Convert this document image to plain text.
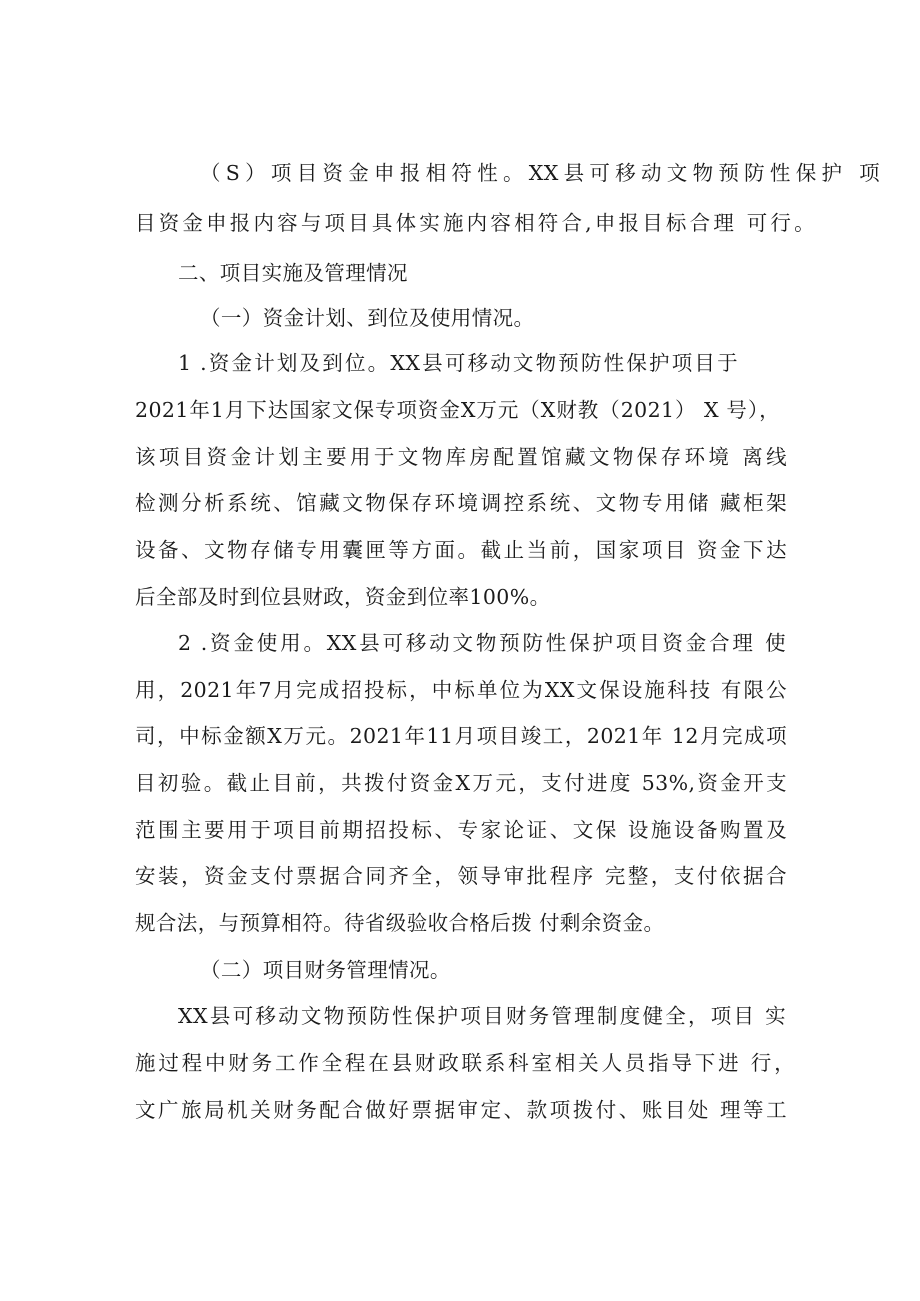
（S）项目资金申报相符性。XX县可移动文物预防性保护 项
目资金申报内容与项目具体实施内容相符合,申报目标合理 可行。
二、项目实施及管理情况
（一）资金计划、到位及使用情况。
1 .资金计划及到位。XX县可移动文物预防性保护项目于
2021年1月下达国家文保专项资金X万元（X财教（2021） X 号），
该项目资金计划主要用于文物库房配置馆藏文物保存环境 离线
检测分析系统、馆藏文物保存环境调控系统、文物专用储 藏柜架
设备、文物存储专用囊匣等方面。截止当前，国家项目 资金下达
后全部及时到位县财政，资金到位率100%。
2 .资金使用。XX县可移动文物预防性保护项目资金合理 使
用，2021年7月完成招投标，中标单位为XX文保设施科技 有限公
司，中标金额X万元。2021年11月项目竣工，2021年 12月完成项
目初验。截止目前，共拨付资金X万元，支付进度 53%,资金开支
范围主要用于项目前期招投标、专家论证、文保 设施设备购置及
安装，资金支付票据合同齐全，领导审批程序 完整，支付依据合
规合法，与预算相符。待省级验收合格后拨 付剩余资金。
（二）项目财务管理情况。
XX县可移动文物预防性保护项目财务管理制度健全，项目 实
施过程中财务工作全程在县财政联系科室相关人员指导下进 行，
文广旅局机关财务配合做好票据审定、款项拨付、账目处 理等工
